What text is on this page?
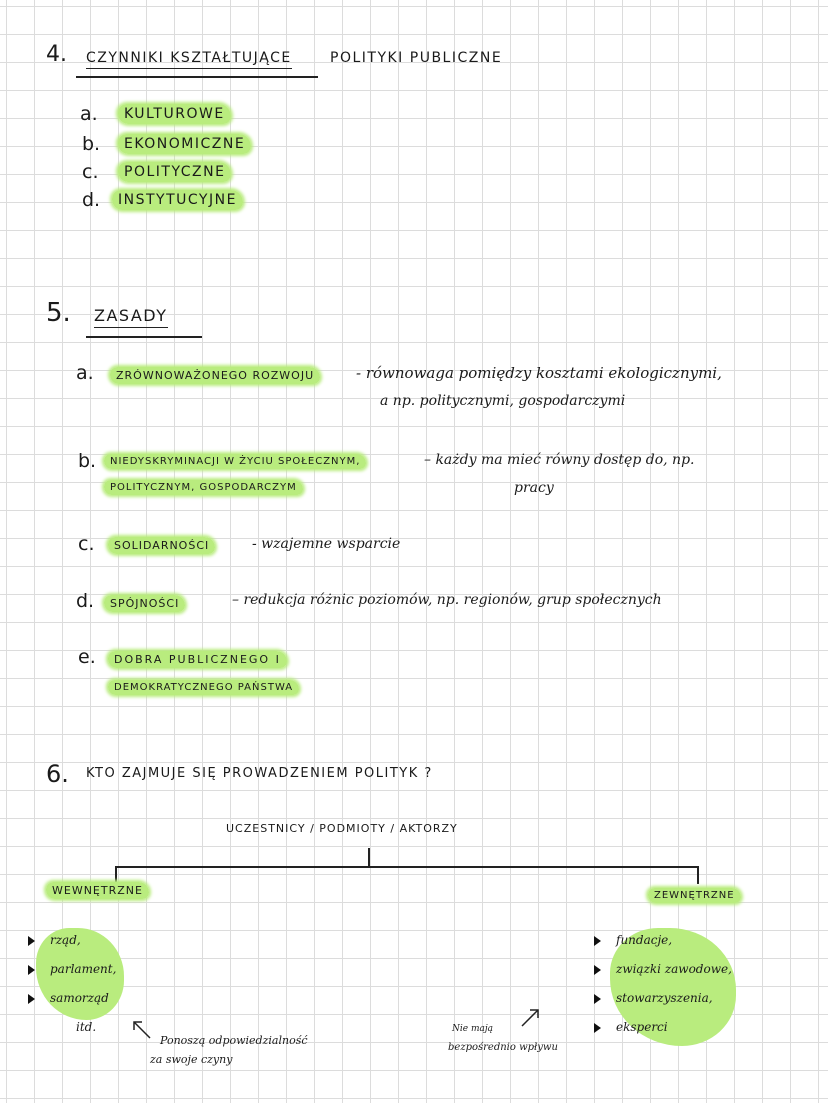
4. CZYNNIKI KSZTAŁTUJĄCE	POLITYKI PUBLICZNE
a.	KULTUROWE
b.	EKONOMICZNE
c.	POLITYCZNE
d.	INSTYTUCYJNE
5. ZASADY
a.	ZRÓWNOWAŻONEGO ROZWOJU	- równowaga pomiędzy kosztami ekologicznymi,
a np. politycznymi, gospodarczymi
b.	NIEDYSKRYMINACJI W ŻYCIU SPOŁECZNYM,
POLITYCZNYM, GOSPODARCZYM
– każdy ma mieć równy dostęp do, np.
pracy
c.	SOLIDARNOŚCI	- wzajemne wsparcie
d.	SPÓJNOŚCI	– redukcja różnic poziomów, np. regionów, grup społecznych
e.	DOBRA PUBLICZNEGO I
DEMOKRATYCZNEGO PAŃSTWA
6. KTO ZAJMUJE SIĘ PROWADZENIEM POLITYK ?
UCZESTNICY / PODMIOTY / AKTORZY
WEWNĘTRZNE
rząd,
parlament,
samorząd
itd.
Ponoszą odpowiedzialność
za swoje czyny
ZEWNĘTRZNE
fundacje,
związki zawodowe,
stowarzyszenia,
eksperci
Nie mają
bezpośrednio wpływu
